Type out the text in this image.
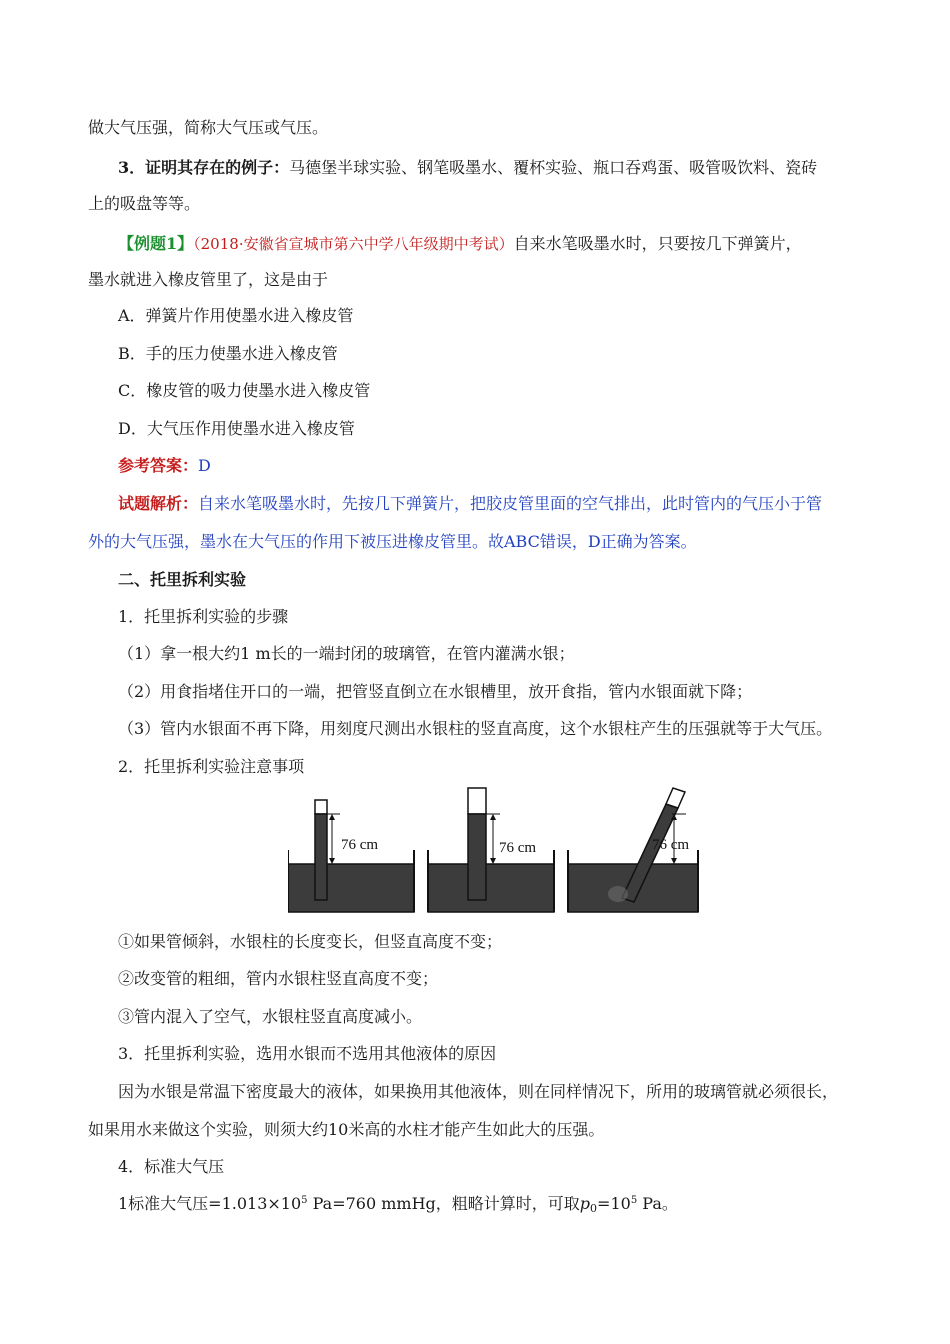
做大气压强，简称大气压或气压。
3．证明其存在的例子：马德堡半球实验、钢笔吸墨水、覆杯实验、瓶口吞鸡蛋、吸管吸饮料、瓷砖
上的吸盘等等。
【例题1】（2018·安徽省宣城市第六中学八年级期中考试）自来水笔吸墨水时，只要按几下弹簧片，
墨水就进入橡皮管里了，这是由于
A．弹簧片作用使墨水进入橡皮管
B．手的压力使墨水进入橡皮管
C．橡皮管的吸力使墨水进入橡皮管
D．大气压作用使墨水进入橡皮管
参考答案：D
试题解析：自来水笔吸墨水时，先按几下弹簧片，把胶皮管里面的空气排出，此时管内的气压小于管
外的大气压强，墨水在大气压的作用下被压进橡皮管里。故ABC错误，D正确为答案。
二、托里拆利实验
1．托里拆利实验的步骤
（1）拿一根大约1 m长的一端封闭的玻璃管，在管内灌满水银；
（2）用食指堵住开口的一端，把管竖直倒立在水银槽里，放开食指，管内水银面就下降；
（3）管内水银面不再下降，用刻度尺测出水银柱的竖直高度，这个水银柱产生的压强就等于大气压。
2．托里拆利实验注意事项
76 cm	76 cm	76 cm
①如果管倾斜，水银柱的长度变长，但竖直高度不变；
②改变管的粗细，管内水银柱竖直高度不变；
③管内混入了空气，水银柱竖直高度减小。
3．托里拆利实验，选用水银而不选用其他液体的原因
因为水银是常温下密度最大的液体，如果换用其他液体，则在同样情况下，所用的玻璃管就必须很长，
如果用水来做这个实验，则须大约10米高的水柱才能产生如此大的压强。
4．标准大气压
1标准大气压$=1.013\times 10^5$ Pa=760 mmHg，粗略计算时，可取$p_0=10^5$ Pa。
